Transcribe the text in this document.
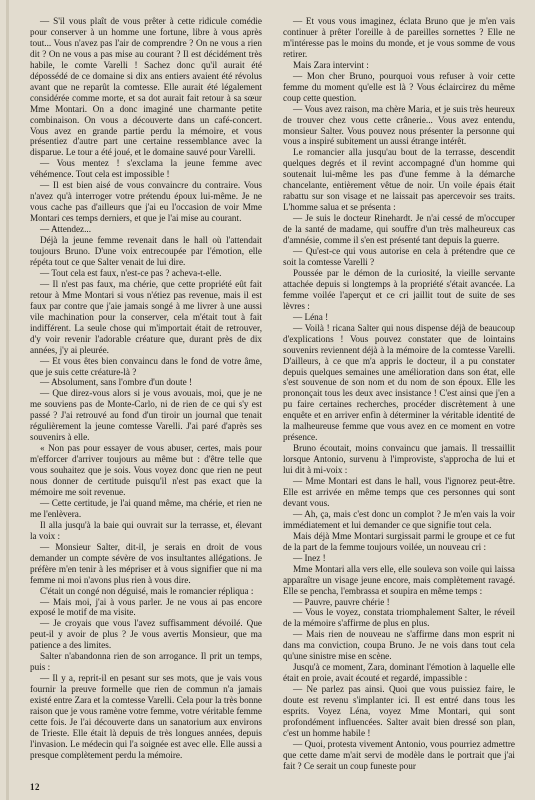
— S'il vous plaît de vous prêter à cette ridicule comédie pour conserver à un homme une fortune, libre à vous après tout... Vous n'avez pas l'air de comprendre ? On ne vous a rien dit ? On ne vous a pas mise au courant ? Il est décidément très habile, le comte Varelli ! Sachez donc qu'il aurait été dépossédé de ce domaine si dix ans entiers avaient été révolus avant que ne reparût la comtesse. Elle aurait été légalement considérée comme morte, et sa dot aurait fait retour à sa sœur Mme Montari. On a donc imaginé une charmante petite combinaison. On vous a découverte dans un café-concert. Vous avez en grande partie perdu la mémoire, et vous présentiez d'autre part une certaine ressemblance avec la disparue. Le tour a été joué, et le domaine sauvé pour Varelli.

— Vous mentez ! s'exclama la jeune femme avec véhémence. Tout cela est impossible !

— Il est bien aisé de vous convaincre du contraire. Vous n'avez qu'à interroger votre prétendu époux lui-même. Je ne vous cache pas d'ailleurs que j'ai eu l'occasion de voir Mme Montari ces temps derniers, et que je l'ai mise au courant.

— Attendez...

Déjà la jeune femme revenait dans le hall où l'attendait toujours Bruno. D'une voix entrecoupée par l'émotion, elle répéta tout ce que Salter venait de lui dire.

— Tout cela est faux, n'est-ce pas ? acheva-t-elle.

— Il n'est pas faux, ma chérie, que cette propriété eût fait retour à Mme Montari si vous n'étiez pas revenue, mais il est faux par contre que j'aie jamais songé à me livrer à une aussi vile machination pour la conserver, cela m'était tout à fait indifférent. La seule chose qui m'importait était de retrouver, d'y voir revenir l'adorable créature que, durant près de dix années, j'y ai pleurée.

— Et vous êtes bien convaincu dans le fond de votre âme, que je suis cette créature-là ?

— Absolument, sans l'ombre d'un doute !

— Que direz-vous alors si je vous avouais, moi, que je ne me souviens pas de Monte-Carlo, ni de rien de ce qui s'y est passé ? J'ai retrouvé au fond d'un tiroir un journal que tenait régulièrement la jeune comtesse Varelli. J'ai paré d'après ses souvenirs à elle.

« Non pas pour essayer de vous abuser, certes, mais pour m'efforcer d'arriver toujours au même but : d'être telle que vous souhaitez que je sois. Vous voyez donc que rien ne peut nous donner de certitude puisqu'il n'est pas exact que la mémoire me soit revenue.

— Cette certitude, je l'ai quand même, ma chérie, et rien ne me l'enlèvera.

Il alla jusqu'à la baie qui ouvrait sur la terrasse, et, élevant la voix :

— Monsieur Salter, dit-il, je serais en droit de vous demander un compte sévère de vos insultantes allégations. Je préfère m'en tenir à les mépriser et à vous signifier que ni ma femme ni moi n'avons plus rien à vous dire.

C'était un congé non déguisé, mais le romancier répliqua :

— Mais moi, j'ai à vous parler. Je ne vous ai pas encore exposé le motif de ma visite.

— Je croyais que vous l'avez suffisamment dévoilé. Que peut-il y avoir de plus ? Je vous avertis Monsieur, que ma patience a des limites.

Salter n'abandonna rien de son arrogance. Il prit un temps, puis :

— Il y a, reprit-il en pesant sur ses mots, que je vais vous fournir la preuve formelle que rien de commun n'a jamais existé entre Zara et la comtesse Varelli. Cela pour la très bonne raison que je vous ramène votre femme, votre véritable femme cette fois. Je l'ai découverte dans un sanatorium aux environs de Trieste. Elle était là depuis de très longues années, depuis l'invasion. Le médecin qui l'a soignée est avec elle. Elle aussi a presque complètement perdu la mémoire.

— Et vous vous imaginez, éclata Bruno que je m'en vais continuer à prêter l'oreille à de pareilles sornettes ? Elle ne m'intéresse pas le moins du monde, et je vous somme de vous retirer.

Mais Zara intervint :

— Mon cher Bruno, pourquoi vous refuser à voir cette femme du moment qu'elle est là ? Vous éclaircirez du même coup cette question.

— Vous avez raison, ma chère Maria, et je suis très heureux de trouver chez vous cette crânerie... Vous avez entendu, monsieur Salter. Vous pouvez nous présenter la personne qui vous a inspiré subitement un aussi étrange intérêt.

Le romancier alla jusqu'au bout de la terrasse, descendit quelques degrés et il revint accompagné d'un homme qui soutenait lui-même les pas d'une femme à la démarche chancelante, entièrement vêtue de noir. Un voile épais était rabattu sur son visage et ne laissait pas apercevoir ses traits. L'homme salua et se présenta :

— Je suis le docteur Rinehardt. Je n'ai cessé de m'occuper de la santé de madame, qui souffre d'un très malheureux cas d'amnésie, comme il s'en est présenté tant depuis la guerre.

— Qu'est-ce qui vous autorise en cela à prétendre que ce soit la comtesse Varelli ?

Poussée par le démon de la curiosité, la vieille servante attachée depuis si longtemps à la propriété s'était avancée. La femme voilée l'aperçut et ce cri jaillit tout de suite de ses lèvres :

— Léna !

— Voilà ! ricana Salter qui nous dispense déjà de beaucoup d'explications ! Vous pouvez constater que de lointains souvenirs reviennent déjà à la mémoire de la comtesse Varelli. D'ailleurs, à ce que m'a appris le docteur, il a pu constater depuis quelques semaines une amélioration dans son état, elle s'est souvenue de son nom et du nom de son époux. Elle les prononçait tous les deux avec insistance ! C'est ainsi que j'en a pu faire certaines recherches, procéder discrètement à une enquête et en arriver enfin à déterminer la véritable identité de la malheureuse femme que vous avez en ce moment en votre présence.

Bruno écoutait, moins convaincu que jamais. Il tressaillit lorsque Antonio, survenu à l'improviste, s'approcha de lui et lui dit à mi-voix :

— Mme Montari est dans le hall, vous l'ignorez peut-être. Elle est arrivée en même temps que ces personnes qui sont devant vous.

— Ah, ça, mais c'est donc un complot ? Je m'en vais la voir immédiatement et lui demander ce que signifie tout cela.

Mais déjà Mme Montari surgissait parmi le groupe et ce fut de la part de la femme toujours voilée, un nouveau cri :

— Inez !

Mme Montari alla vers elle, elle souleva son voile qui laissa apparaître un visage jeune encore, mais complètement ravagé. Elle se pencha, l'embrassa et soupira en même temps :

— Pauvre, pauvre chérie !

— Vous le voyez, constata triomphalement Salter, le réveil de la mémoire s'affirme de plus en plus.

— Mais rien de nouveau ne s'affirme dans mon esprit ni dans ma conviction, coupa Bruno. Je ne vois dans tout cela qu'une sinistre mise en scène.

Jusqu'à ce moment, Zara, dominant l'émotion à laquelle elle était en proie, avait écouté et regardé, impassible :

— Ne parlez pas ainsi. Quoi que vous puissiez faire, le doute est revenu s'implanter ici. Il est entré dans tous les esprits. Voyez Léna, voyez Mme Montari, qui sont profondément influencées. Salter avait bien dressé son plan, c'est un homme habile !

— Quoi, protesta vivement Antonio, vous pourriez admettre que cette dame m'ait servi de modèle dans le portrait que j'ai fait ? Ce serait un coup funeste pour

12
